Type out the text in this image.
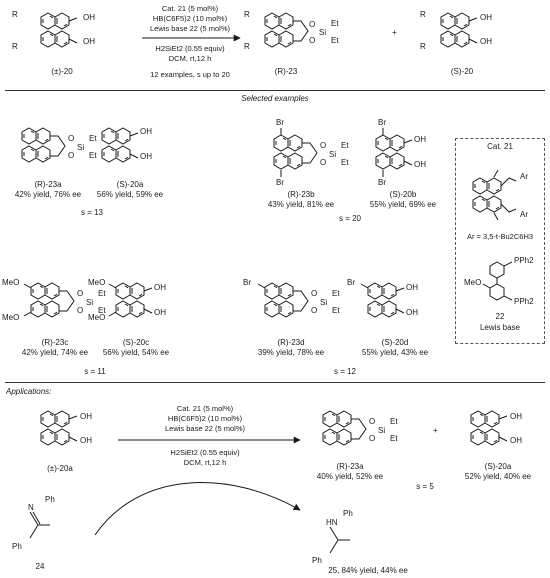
R
R
OH
OH
(±)-20
Cat. 21 (5 mol%)
HB(C6F5)2 (10 mol%)
Lewis base 22 (5 mol%)
H2SiEt2 (0.55 equiv)
DCM, rt,12 h
12 examples, s up to 20
R
R
O
O
Si
Et
Et
(R)-23
+
R
R
OH
OH
(S)-20
Selected examples
O
O
Si
Et
Et
(R)-23a
42% yield, 76% ee
OH
OH
(S)-20a
56% yield, 59% ee
s = 13
Br
Br
O
O
Si
Et
Et
(R)-23b
43% yield, 81% ee
Br
Br
OH
OH
(S)-20b
55% yield, 69% ee
s = 20
Cat. 21
Ar
Ar
Ar = 3,5-t-Bu2C6H3
PPh2
PPh2
MeO
22
Lewis base
MeO
MeO
O
O
Si
Et
Et
(R)-23c
42% yield, 74% ee
MeO
MeO
OH
OH
(S)-20c
56% yield, 54% ee
s = 11
Br
O
O
Si
Et
Et
(R)-23d
39% yield, 78% ee
Br
OH
OH
(S)-20d
55% yield, 43% ee
s = 12
Applications:
OH
OH
(±)-20a
Cat. 21 (5 mol%)
HB(C6F5)2 (10 mol%)
Lewis base 22 (5 mol%)
H2SiEt2 (0.55 equiv)
DCM, rt,12 h
O
O
Si
Et
Et
(R)-23a
40% yield, 52% ee
+
s = 5
OH
OH
(S)-20a
52% yield, 40% ee
N
Ph
Ph
24
HN
Ph
Ph
25, 84% yield, 44% ee
